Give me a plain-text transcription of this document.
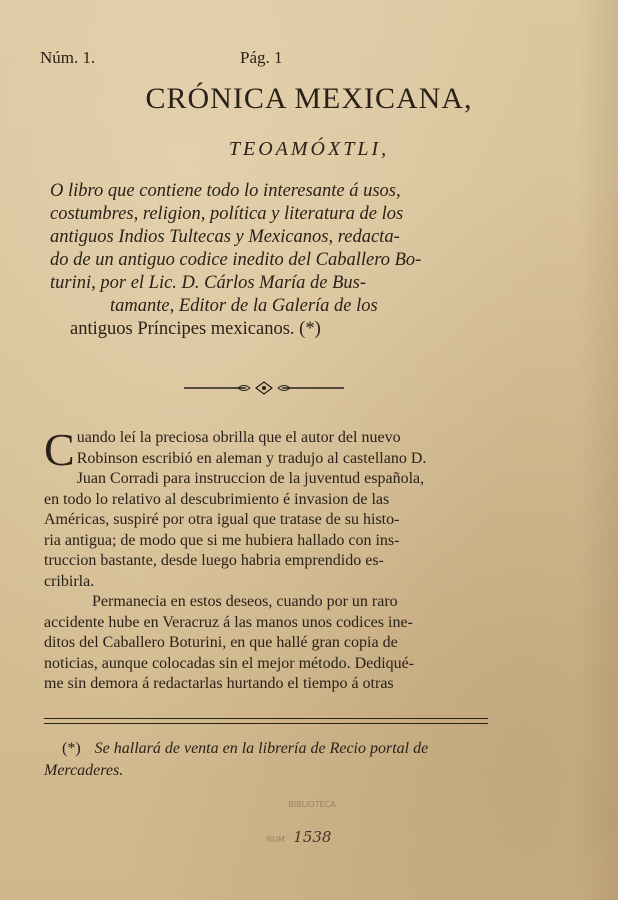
Núm. 1.	Pág. 1
CRÓNICA MEXICANA,
TEOAMÓXTLI,
O libro que contiene todo lo interesante á usos,
costumbres, religion, política y literatura de los
antiguos Indios Tultecas y Mexicanos, redacta-
do de un antiguo codice inedito del Caballero Bo-
turini, por el Lic. D. Cárlos María de Bus-
tamante, Editor de la Galería de los
antiguos Príncipes mexicanos. (*)
C uando leí la preciosa obrilla que el autor del nuevo
Robinson escribió en aleman y tradujo al castellano D.
Juan Corradi para instruccion de la juventud española,
en todo lo relativo al descubrimiento é invasion de las
Américas, suspiré por otra igual que tratase de su histo-
ria antigua; de modo que si me hubiera hallado con ins-
truccion bastante, desde luego habria emprendido es-
cribirla.
Permanecia en estos deseos, cuando por un raro
accidente hube en Veracruz á las manos unos codices ine-
ditos del Caballero Boturini, en que hallé gran copia de
noticias, aunque colocadas sin el mejor método. Dediqué-
me sin demora á redactarlas hurtando el tiempo á otras
(*) Se hallará de venta en la librería de Recio portal de
Mercaderes.
BIBLIOTECA
NUM 1538
